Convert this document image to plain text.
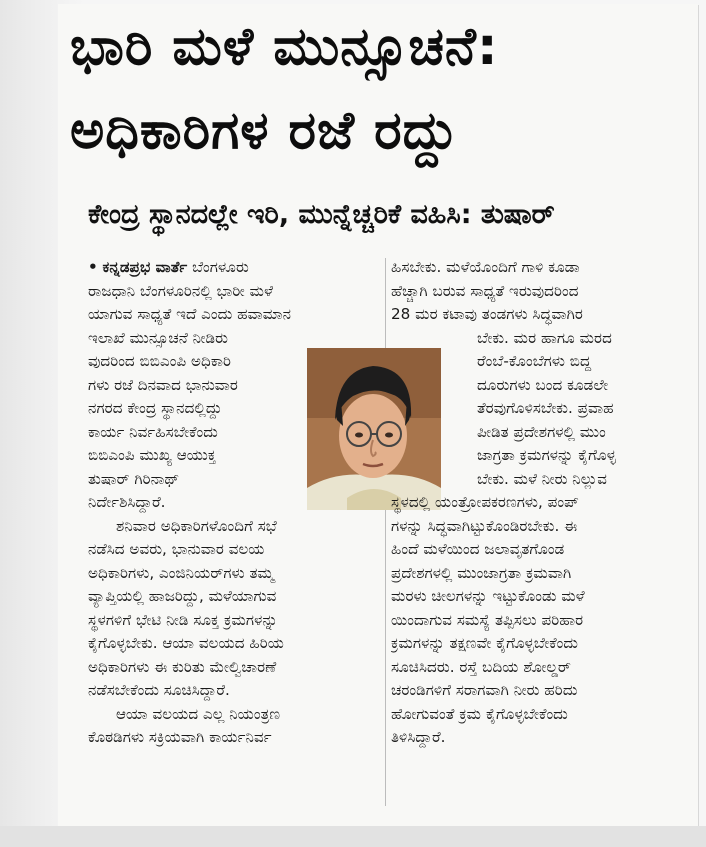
ಭಾರಿ ಮಳೆ ಮುನ್ಸೂಚನೆ:
ಅಧಿಕಾರಿಗಳ ರಜೆ ರದ್ದು
ಕೇಂದ್ರ ಸ್ಥಾನದಲ್ಲೇ ಇರಿ, ಮುನ್ನೆಚ್ಚರಿಕೆ ವಹಿಸಿ: ತುಷಾರ್
• ಕನ್ನಡಪ್ರಭ ವಾರ್ತೆ ಬೆಂಗಳೂರು
ರಾಜಧಾನಿ ಬೆಂಗಳೂರಿನಲ್ಲಿ ಭಾರೀ ಮಳೆ
ಯಾಗುವ ಸಾಧ್ಯತೆ ಇದೆ ಎಂದು ಹವಾಮಾನ
ಇಲಾಖೆ ಮುನ್ಸೂಚನೆ ನೀಡಿರು
ವುದರಿಂದ ಬಿಬಿಎಂಪಿ ಅಧಿಕಾರಿ
ಗಳು ರಜೆ ದಿನವಾದ ಭಾನುವಾರ
ನಗರದ ಕೇಂದ್ರ ಸ್ಥಾನದಲ್ಲಿದ್ದು
ಕಾರ್ಯ ನಿರ್ವಹಿಸಬೇಕೆಂದು
ಬಿಬಿಎಂಪಿ ಮುಖ್ಯ ಆಯುಕ್ತ
ತುಷಾರ್ ಗಿರಿನಾಥ್
ನಿರ್ದೇಶಿಸಿದ್ದಾರೆ.
ಶನಿವಾರ ಅಧಿಕಾರಿಗಳೊಂದಿಗೆ ಸಭೆ
ನಡೆಸಿದ ಅವರು, ಭಾನುವಾರ ವಲಯ
ಅಧಿಕಾರಿಗಳು, ಎಂಜಿನಿಯರ್‌ಗಳು ತಮ್ಮ
ವ್ಯಾಪ್ತಿಯಲ್ಲಿ ಹಾಜರಿದ್ದು, ಮಳೆಯಾಗುವ
ಸ್ಥಳಗಳಿಗೆ ಭೇಟಿ ನೀಡಿ ಸೂಕ್ತ ಕ್ರಮಗಳನ್ನು
ಕೈಗೊಳ್ಳಬೇಕು. ಆಯಾ ವಲಯದ ಹಿರಿಯ
ಅಧಿಕಾರಿಗಳು ಈ ಕುರಿತು ಮೇಲ್ವಿಚಾರಣೆ
ನಡೆಸಬೇಕೆಂದು ಸೂಚಿಸಿದ್ದಾರೆ.
ಆಯಾ ವಲಯದ ಎಲ್ಲ ನಿಯಂತ್ರಣ
ಕೊಠಡಿಗಳು ಸಕ್ರಿಯವಾಗಿ ಕಾರ್ಯನಿರ್ವ
ಹಿಸಬೇಕು. ಮಳೆಯೊಂದಿಗೆ ಗಾಳಿ ಕೂಡಾ
ಹೆಚ್ಚಾಗಿ ಬರುವ ಸಾಧ್ಯತೆ ಇರುವುದರಿಂದ
28 ಮರ ಕಟಾವು ತಂಡಗಳು ಸಿದ್ಧವಾಗಿರ
ಬೇಕು. ಮರ ಹಾಗೂ ಮರದ
ರೆಂಬೆ-ಕೊಂಬೆಗಳು ಬಿದ್ದ
ದೂರುಗಳು ಬಂದ ಕೂಡಲೇ
ತೆರವುಗೊಳಿಸಬೇಕು. ಪ್ರವಾಹ
ಪೀಡಿತ ಪ್ರದೇಶಗಳಲ್ಲಿ ಮುಂ
ಜಾಗ್ರತಾ ಕ್ರಮಗಳನ್ನು ಕೈಗೊಳ್ಳ
ಬೇಕು. ಮಳೆ ನೀರು ನಿಲ್ಲುವ
ಸ್ಥಳದಲ್ಲಿ ಯಂತ್ರೋಪಕರಣಗಳು, ಪಂಪ್
ಗಳನ್ನು ಸಿದ್ಧವಾಗಿಟ್ಟುಕೊಂಡಿರಬೇಕು. ಈ
ಹಿಂದೆ ಮಳೆಯಿಂದ ಜಲಾವೃತಗೊಂಡ
ಪ್ರದೇಶಗಳಲ್ಲಿ ಮುಂಜಾಗ್ರತಾ ಕ್ರಮವಾಗಿ
ಮರಳು ಚೀಲಗಳನ್ನು ಇಟ್ಟುಕೊಂಡು ಮಳೆ
ಯಿಂದಾಗುವ ಸಮಸ್ಯೆ ತಪ್ಪಿಸಲು ಪರಿಹಾರ
ಕ್ರಮಗಳನ್ನು ತಕ್ಷಣವೇ ಕೈಗೊಳ್ಳಬೇಕೆಂದು
ಸೂಚಿಸಿದರು. ರಸ್ತೆ ಬದಿಯ ಶೋಲ್ಡರ್
ಚರಂಡಿಗಳಿಗೆ ಸರಾಗವಾಗಿ ನೀರು ಹರಿದು
ಹೋಗುವಂತೆ ಕ್ರಮ ಕೈಗೊಳ್ಳಬೇಕೆಂದು
ತಿಳಿಸಿದ್ದಾರೆ.
